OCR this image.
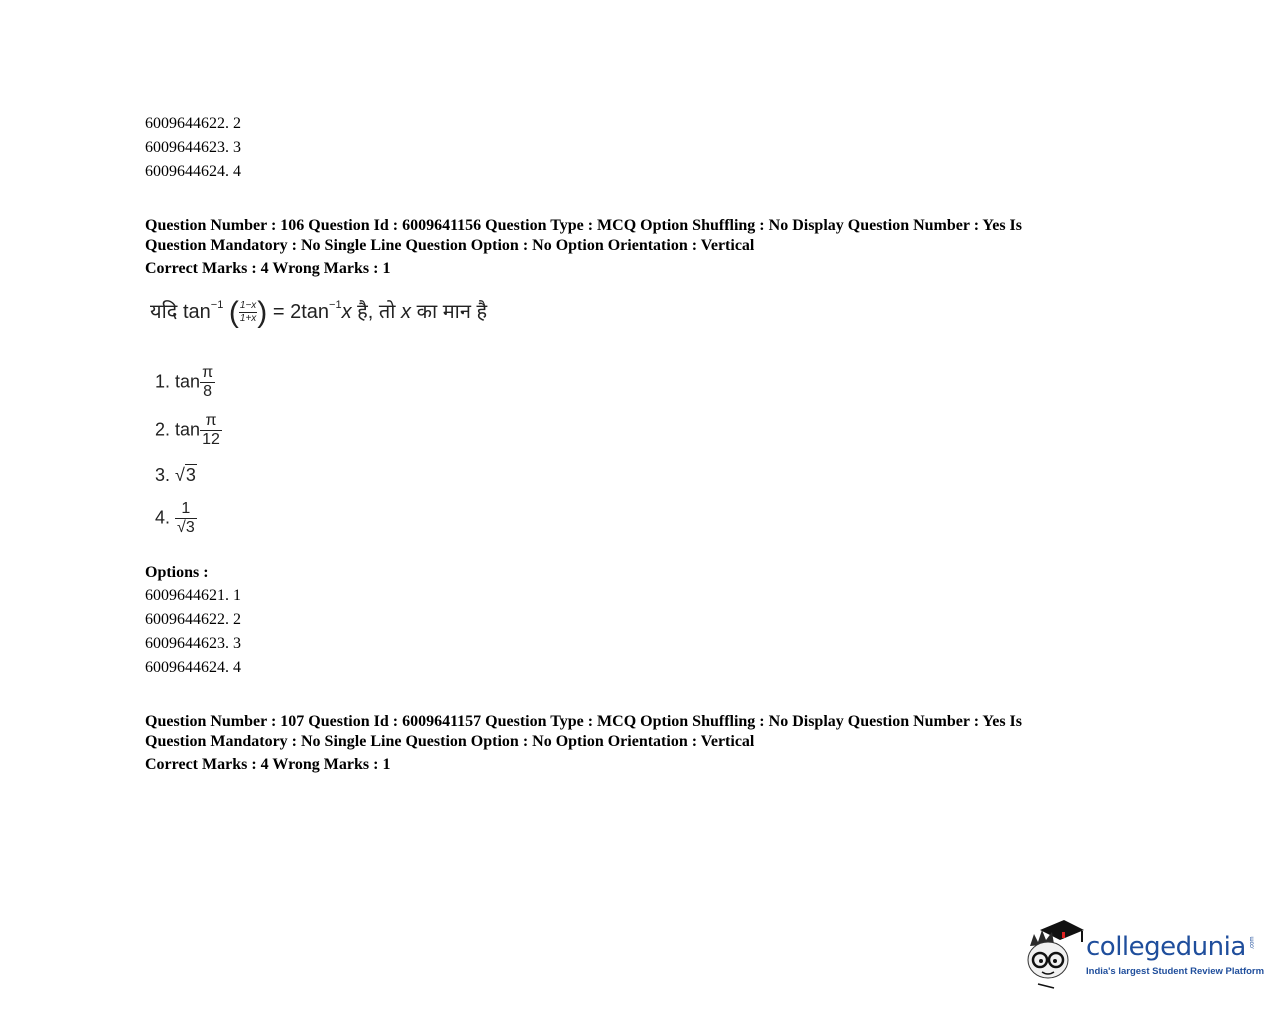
6009644622. 2
6009644623. 3
6009644624. 4
Question Number : 106 Question Id : 6009641156 Question Type : MCQ Option Shuffling : No Display Question Number : Yes Is
Question Mandatory : No Single Line Question Option : No Option Orientation : Vertical
Correct Marks : 4 Wrong Marks : 1
यदि $\tan^{-1}$ ( $\frac{1-x}{1+x}$ ) = $2\tan^{-1}x$ है, तो x का मान है
1. $\tan \frac{\pi}{8}$
2. $\tan \frac{\pi}{12}$
3. √3
4. $\frac{1}{√3}$
Options :
6009644621. 1
6009644622. 2
6009644623. 3
6009644624. 4
Question Number : 107 Question Id : 6009641157 Question Type : MCQ Option Shuffling : No Display Question Number : Yes Is
Question Mandatory : No Single Line Question Option : No Option Orientation : Vertical
Correct Marks : 4 Wrong Marks : 1
collegedunia .com
India's largest Student Review Platform
